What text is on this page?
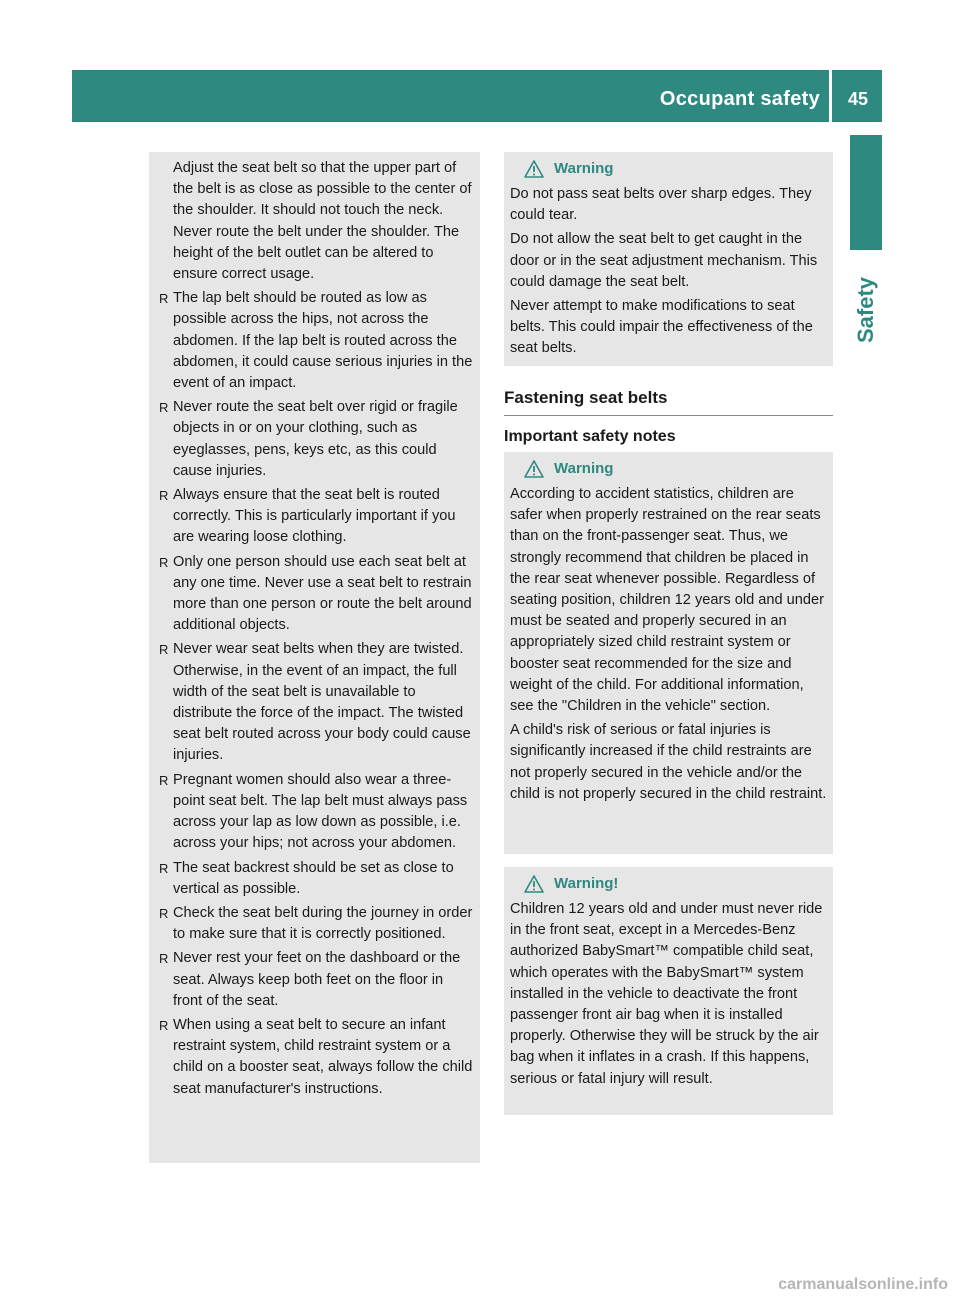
Occupant safety 45
Safety

Adjust the seat belt so that the upper part of the belt is as close as possible to the center of the shoulder. It should not touch the neck. Never route the belt under the shoulder. The height of the belt outlet can be altered to ensure correct usage.

R The lap belt should be routed as low as possible across the hips, not across the abdomen. If the lap belt is routed across the abdomen, it could cause serious injuries in the event of an impact.
R Never route the seat belt over rigid or fragile objects in or on your clothing, such as eyeglasses, pens, keys etc, as this could cause injuries.
R Always ensure that the seat belt is routed correctly. This is particularly important if you are wearing loose clothing.
R Only one person should use each seat belt at any one time. Never use a seat belt to restrain more than one person or route the belt around additional objects.
R Never wear seat belts when they are twisted. Otherwise, in the event of an impact, the full width of the seat belt is unavailable to distribute the force of the impact. The twisted seat belt routed across your body could cause injuries.
R Pregnant women should also wear a three-point seat belt. The lap belt must always pass across your lap as low down as possible, i.e. across your hips; not across your abdomen.
R The seat backrest should be set as close to vertical as possible.
R Check the seat belt during the journey in order to make sure that it is correctly positioned.
R Never rest your feet on the dashboard or the seat. Always keep both feet on the floor in front of the seat.
R When using a seat belt to secure an infant restraint system, child restraint system or a child on a booster seat, always follow the child seat manufacturer's instructions.
Warning

Do not pass seat belts over sharp edges. They could tear.

Do not allow the seat belt to get caught in the door or in the seat adjustment mechanism. This could damage the seat belt.

Never attempt to make modifications to seat belts. This could impair the effectiveness of the seat belts.

Fastening seat belts
Important safety notes
Warning

According to accident statistics, children are safer when properly restrained on the rear seats than on the front-passenger seat. Thus, we strongly recommend that children be placed in the rear seat whenever possible. Regardless of seating position, children 12 years old and under must be seated and properly secured in an appropriately sized child restraint system or booster seat recommended for the size and weight of the child. For additional information, see the "Children in the vehicle" section.

A child's risk of serious or fatal injuries is significantly increased if the child restraints are not properly secured in the vehicle and/or the child is not properly secured in the child restraint.

Warning!

Children 12 years old and under must never ride in the front seat, except in a Mercedes-Benz authorized BabySmart™ compatible child seat, which operates with the BabySmart™ system installed in the vehicle to deactivate the front passenger front air bag when it is installed properly. Otherwise they will be struck by the air bag when it inflates in a crash. If this happens, serious or fatal injury will result.

carmanualsonline.info
